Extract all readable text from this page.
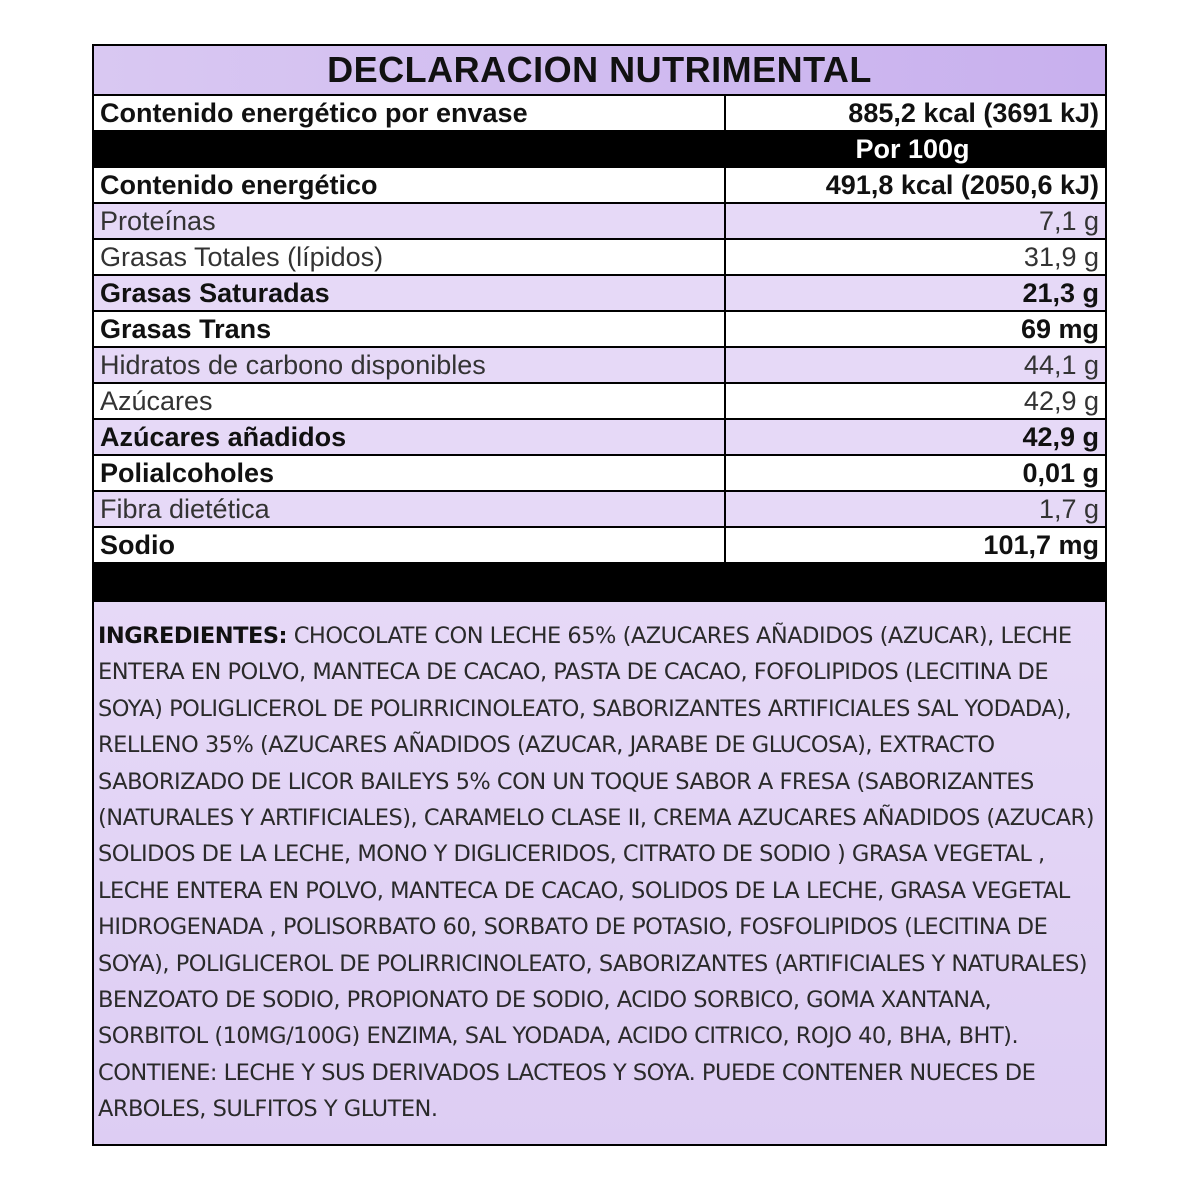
DECLARACION NUTRIMENTAL
Contenido energético por envase	885,2 kcal (3691 kJ)
Por 100g
Contenido energético	491,8 kcal (2050,6 kJ)
Proteínas	7,1 g
Grasas Totales (lípidos)	31,9 g
Grasas Saturadas	21,3 g
Grasas Trans	69 mg
Hidratos de carbono disponibles	44,1 g
Azúcares	42,9 g
Azúcares añadidos	42,9 g
Polialcoholes	0,01 g
Fibra dietética	1,7 g
Sodio	101,7 mg
INGREDIENTES: CHOCOLATE CON LECHE 65% (AZUCARES AÑADIDOS (AZUCAR), LECHE ENTERA EN POLVO, MANTECA DE CACAO, PASTA DE CACAO, FOFOLIPIDOS (LECITINA DE SOYA) POLIGLICEROL DE POLIRRICINOLEATO, SABORIZANTES ARTIFICIALES SAL YODADA), RELLENO 35% (AZUCARES AÑADIDOS (AZUCAR, JARABE DE GLUCOSA), EXTRACTO SABORIZADO DE LICOR BAILEYS 5% CON UN TOQUE SABOR A FRESA (SABORIZANTES (NATURALES Y ARTIFICIALES), CARAMELO CLASE II, CREMA AZUCARES AÑADIDOS (AZUCAR) SOLIDOS DE LA LECHE, MONO Y DIGLICERIDOS, CITRATO DE SODIO ) GRASA VEGETAL , LECHE ENTERA EN POLVO, MANTECA DE CACAO, SOLIDOS DE LA LECHE, GRASA VEGETAL HIDROGENADA , POLISORBATO 60, SORBATO DE POTASIO, FOSFOLIPIDOS (LECITINA DE SOYA), POLIGLICEROL DE POLIRRICINOLEATO, SABORIZANTES (ARTIFICIALES Y NATURALES) BENZOATO DE SODIO, PROPIONATO DE SODIO, ACIDO SORBICO, GOMA XANTANA, SORBITOL (10MG/100G) ENZIMA, SAL YODADA, ACIDO CITRICO, ROJO 40, BHA, BHT). CONTIENE: LECHE Y SUS DERIVADOS LACTEOS Y SOYA. PUEDE CONTENER NUECES DE ARBOLES, SULFITOS Y GLUTEN.
